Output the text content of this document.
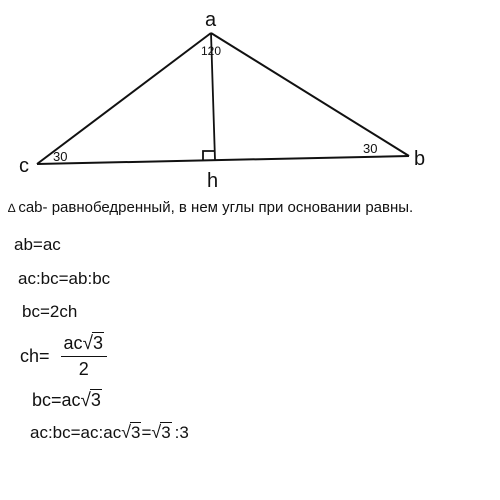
a
b
c
h
120
30
30
∆ cab- равнобедренный, в нем углы при основании равны.
ab=ac
ac:bc=ab:bc
bc=2ch
$ch= \frac{ac√3}{2}$
bc=ac√3
ac:bc=ac:ac√3=√3 :3
